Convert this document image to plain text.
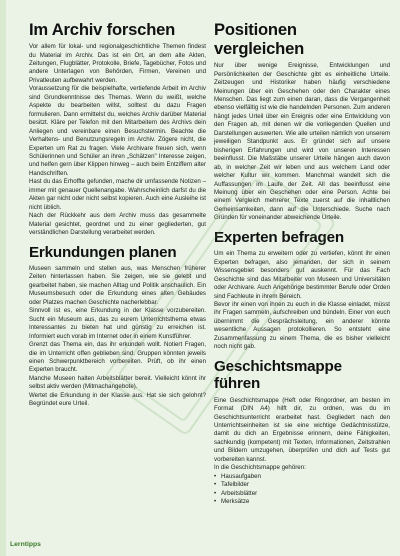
Im Archiv forschen

Vor allem für lokal- und regionalgeschichtliche Themen findest du Material im Archiv. Das ist ein Ort, an dem alte Akten, Zeitungen, Flugblätter, Protokolle, Briefe, Tagebücher, Fotos und andere Unterlagen von Behörden, Firmen, Vereinen und Privatleuten aufbewahrt werden.

Voraussetzung für die beispielhafte, vertiefende Arbeit im Archiv sind Grundkenntnisse des Themas. Wenn du weißt, welche Aspekte du bearbeiten willst, solltest du dazu Fragen formulieren. Dann ermittelst du, welches Archiv darüber Material besitzt. Kläre per Telefon mit den Mitarbeitern des Archivs dein Anliegen und vereinbare einen Besuchstermin. Beachte die Verhaltens- und Benutzungsregeln im Archiv. Zögere nicht, die Experten um Rat zu fragen. Viele Archivare freuen sich, wenn Schülerinnen und Schüler an ihren „Schätzen" Interesse zeigen, und helfen gern über Klippen hinweg – auch beim Entziffern alter Handschriften.

Hast du das Erhoffte gefunden, mache dir umfassende Notizen – immer mit genauer Quellenangabe. Wahrscheinlich darfst du die Akten gar nicht oder nicht selbst kopieren. Auch eine Ausleihe ist nicht üblich.

Nach der Rückkehr aus dem Archiv muss das gesammelte Material gesichtet, geordnet und zu einer gegliederten, gut verständlichen Darstellung verarbeitet werden.

Erkundungen planen

Museen sammeln und stellen aus, was Menschen früherer Zeiten hinterlassen haben. Sie zeigen, wie sie gelebt und gearbeitet haben, sie machen Alltag und Politik anschaulich. Ein Museumsbesuch oder die Erkundung eines alten Gebäudes oder Platzes machen Geschichte nacherlebbar.

Sinnvoll ist es, eine Erkundung in der Klasse vorzubereiten. Sucht ein Museum aus, das zu eurem Unterrichtsthema etwas Interessantes zu bieten hat und günstig zu erreichen ist. Informiert euch vorab im Internet oder in einem Kunstführer.

Grenzt das Thema ein, das ihr erkunden wollt. Notiert Fragen, die im Unterricht offen geblieben sind. Gruppen könnten jeweils einen Schwerpunktbereich vorbereiten. Prüft, ob ihr einen Experten braucht.

Manche Museen halten Arbeitsblätter bereit. Vielleicht könnt ihr selbst aktiv werden (Mitmachangebote).

Wertet die Erkundung in der Klasse aus. Hat sie sich gelohnt? Begründet eure Urteil.

Positionen vergleichen

Nur über wenige Ereignisse, Entwicklungen und Persönlichkeiten der Geschichte gibt es einheitliche Urteile. Zeitzeugen und Historiker haben häufig verschiedene Meinungen über ein Geschehen oder den Charakter eines Menschen. Das liegt zum einen daran, dass die Vergangenheit ebenso vielfältig ist wie die handelnden Personen. Zum anderen hängt jedes Urteil über ein Ereignis oder eine Entwicklung von den Fragen ab, mit denen wir die vorliegenden Quellen und Darstellungen auswerten. Wie alle urteilen nämlich von unserem jeweiligen Standpunkt aus. Er gründet sich auf unsere bisherigen Erfahrungen und wird von unseren Interessen beeinflusst. Die Maßstäbe unserer Urteile hängen auch davon ab, in welcher Zeit wir leben und aus welchem Land oder welcher Kultur wir kommen. Manchmal wandelt sich die Auffassungen im Laufe der Zeit. All das beeinflusst eine Meinung über ein Geschehen oder eine Person. Achte bei einem Vergleich mehrerer Texte zuerst auf die inhaltlichen Gemeinsamkeiten, dann auf die Unterschiede. Suche nach Gründen für voneinander abweichende Urteile.

Experten befragen

Um ein Thema zu erweitern oder zu vertiefen, könnt ihr einen Experten befragen, also jemanden, der sich in seinem Wissensgebiet besonders gut auskennt. Für das Fach Geschichte sind das Mitarbeiter von Museen und Universitäten oder Archivare. Auch Angehörige bestimmter Berufe oder Orden sind Fachleute in ihrem Bereich.

Bevor ihr einen von ihnen zu euch in die Klasse einladet, müsst ihr Fragen sammeln, aufschreiben und bündeln. Einer von euch übernimmt die Gesprächsleitung, ein anderer könnte wesentliche Aussagen protokollieren. So entsteht eine Zusammenfassung zu einem Thema, die es bisher vielleicht noch nicht gab.

Geschichtsmappe führen

Eine Geschichtsmappe (Heft oder Ringordner, am besten im Format (DIN A4) hilft dir, zu ordnen, was du im Geschichtsunterricht erarbeitet hast. Gegliedert nach den Unterrichtseinheiten ist sie eine wichtige Gedächtnisstütze, damit du dich an Ergebnisse erinnern, deine Fähigkeiten, sachkundig (kompetent) mit Texten, Informationen, Zeitstrahlen und Bildern umzugehen, überprüfen und dich auf Tests gut vorbereiten kannst.

In die Geschichtsmappe gehören:

• Hausaufgaben
• Tafelbilder
• Arbeitsblätter
• Merksätze
Lerntipps
